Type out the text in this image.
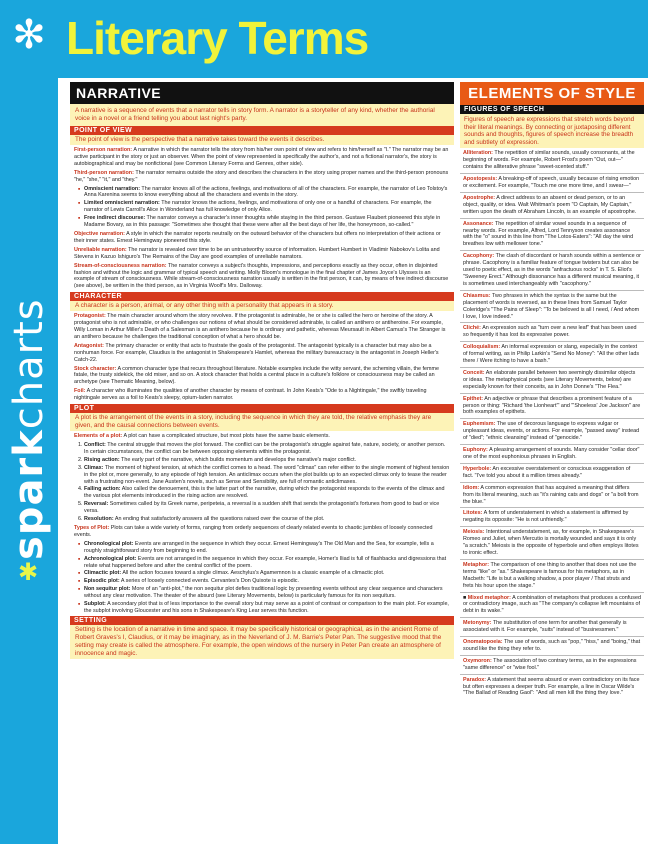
✻
sparkcharts
✱
Literary Terms
NARRATIVE
A narrative is a sequence of events that a narrator tells in story form. A narrator is a storyteller of any kind, whether the authorial voice in a novel or a friend telling you about last night's party.
POINT OF VIEW
The point of view is the perspective that a narrative takes toward the events it describes.

First-person narration: A narrative in which the narrator tells the story from his/her own point of view and refers to him/herself as "I." The narrator may be an active participant in the story or just an observer. When the point of view represented is specifically the author's, and not a fictional narrator's, the story is autobiographical and may be nonfictional (see Common Literary Forms and Genres, other side).

Third-person narration: The narrator remains outside the story and describes the characters in the story using proper names and the third-person pronouns "he," "she," "it," and "they."

■ Omniscient narration: The narrator knows all of the actions, feelings, and motivations of all of the characters. For example, the narrator of Leo Tolstoy's Anna Karenina seems to know everything about all the characters and events in the story.
■ Limited omniscient narration: The narrator knows the actions, feelings, and motivations of only one or a handful of characters. For example, the narrator of Lewis Carroll's Alice in Wonderland has full knowledge of only Alice.
■ Free indirect discourse: The narrator conveys a character's inner thoughts while staying in the third person. Gustave Flaubert pioneered this style in Madame Bovary, as in this passage: "Sometimes she thought that these were after all the best days of her life, the honeymoon, so-called."

Objective narration: A style in which the narrator reports neutrally on the outward behavior of the characters but offers no interpretation of their actions or their inner states. Ernest Hemingway pioneered this style.

Unreliable narration: The narrator is revealed over time to be an untrustworthy source of information. Humbert Humbert in Vladimir Nabokov's Lolita and Stevens in Kazuo Ishiguro's The Remains of the Day are good examples of unreliable narrators.

Stream-of-consciousness narration: The narrator conveys a subject's thoughts, impressions, and perceptions exactly as they occur, often in disjointed fashion and without the logic and grammar of typical speech and writing. Molly Bloom's monologue in the final chapter of James Joyce's Ulysses is an example of stream of consciousness. While stream-of-consciousness narration usually is written in the first person, it can, by means of free indirect discourse (see above), be written in the third person, as in Virginia Woolf's Mrs. Dalloway.

CHARACTER
A character is a person, animal, or any other thing with a personality that appears in a story.

Protagonist: The main character around whom the story revolves. If the protagonist is admirable, he or she is called the hero or heroine of the story. A protagonist who is not admirable, or who challenges our notions of what should be considered admirable, is called an antihero or antiheroine. For example, Willy Loman in Arthur Miller's Death of a Salesman is an antihero because he is ordinary and pathetic, whereas Meursault in Albert Camus's The Stranger is an antihero because he challenges the traditional conception of what a hero should be.

Antagonist: The primary character or entity that acts to frustrate the goals of the protagonist. The antagonist typically is a character but may also be a nonhuman force. For example, Claudius is the antagonist in Shakespeare's Hamlet, whereas the military bureaucracy is the antagonist in Joseph Heller's Catch-22.

Stock character: A common character type that recurs throughout literature. Notable examples include the witty servant, the scheming villain, the femme fatale, the trusty sidekick, the old miser, and so on. A stock character that holds a central place in a culture's folklore or consciousness may be called an archetype (see Thematic Meaning, below).

Foil: A character who illuminates the qualities of another character by means of contrast. In John Keats's "Ode to a Nightingale," the swiftly traveling nightingale serves as a foil to Keats's sleepy, opium-laden narrator.

PLOT
A plot is the arrangement of the events in a story, including the sequence in which they are told, the relative emphasis they are given, and the causal connections between events.

Elements of a plot: A plot can have a complicated structure, but most plots have the same basic elements.

1. Conflict: The central struggle that moves the plot forward. The conflict can be the protagonist's struggle against fate, nature, society, or another person. In certain circumstances, the conflict can be between opposing elements within the protagonist.
2. Rising action: The early part of the narrative, which builds momentum and develops the narrative's major conflict.
3. Climax: The moment of highest tension, at which the conflict comes to a head. The word "climax" can refer either to the single moment of highest tension in the plot or, more generally, to any episode of high tension. An anticlimax occurs when the plot builds up to an expected climax only to tease the reader with a frustrating non-event. Jane Austen's novels, such as Sense and Sensibility, are full of romantic anticlimaxes.
4. Falling action: Also called the denouement, this is the latter part of the narrative, during which the protagonist responds to the events of the climax and the various plot elements introduced in the rising action are resolved.
5. Reversal: Sometimes called by its Greek name, peripeteia, a reversal is a sudden shift that sends the protagonist's fortunes from good to bad or vice versa.
6. Resolution: An ending that satisfactorily answers all the questions raised over the course of the plot.

Types of Plot: Plots can take a wide variety of forms, ranging from orderly sequences of clearly related events to chaotic jumbles of loosely connected events.

■ Chronological plot: Events are arranged in the sequence in which they occur. Ernest Hemingway's The Old Man and the Sea, for example, tells a roughly straightforward story from beginning to end.
■ Achronological plot: Events are not arranged in the sequence in which they occur. For example, Homer's Iliad is full of flashbacks and digressions that relate what happened before and after the central conflict of the poem.
■ Climactic plot: All the action focuses toward a single climax. Aeschylus's Agamemnon is a classic example of a climactic plot.
■ Episodic plot: A series of loosely connected events. Cervantes's Don Quixote is episodic.
■ Non sequitur plot: More of an "anti-plot," the non sequitur plot defies traditional logic by presenting events without any clear sequence and characters without any clear motivation. The theater of the absurd (see Literary Movements, below) is particularly famous for its non sequiturs.
■ Subplot: A secondary plot that is of less importance to the overall story but may serve as a point of contrast or comparison to the main plot. For example, the subplot involving Gloucester and his sons in Shakespeare's King Lear serves this function.
SETTING
Setting is the location of a narrative in time and space. It may be specifically historical or geographical, as in the ancient Rome of Robert Graves's I, Claudius, or it may be imaginary, as in the Neverland of J. M. Barrie's Peter Pan. The suggestive mood that the setting may create is called the atmosphere. For example, the open windows of the nursery in Peter Pan create an atmosphere of innocence and magic.
ELEMENTS OF STYLE
FIGURES OF SPEECH
Figures of speech are expressions that stretch words beyond their literal meanings. By connecting or juxtaposing different sounds and thoughts, figures of speech increase the breadth and subtlety of expression.
Alliteration: The repetition of similar sounds, usually consonants, at the beginning of words. For example, Robert Frost's poem "Out, out—" contains the alliterative phrase "sweet-scented stuff."
Apostopesis: A breaking-off of speech, usually because of rising emotion or excitement. For example, "Touch me one more time, and I swear—"
Apostrophe: A direct address to an absent or dead person, or to an object, quality, or idea. Walt Whitman's poem "O Captain, My Captain," written upon the death of Abraham Lincoln, is an example of apostrophe.
Assonance: The repetition of similar vowel sounds in a sequence of nearby words. For example, Alfred, Lord Tennyson creates assonance with the "o" sound in this line from "The Lotos-Eaters": "All day the wind breathes low with mellower tone."
Cacophony: The clash of discordant or harsh sounds within a sentence or phrase. Cacophony is a familiar feature of tongue twisters but can also be used to poetic effect, as in the words "anfractuous rocks" in T. S. Eliot's "Sweeney Erect." Although dissonance has a different musical meaning, it is sometimes used interchangeably with "cacophony."
Chiasmus: Two phrases in which the syntax is the same but the placement of words is reversed, as in these lines from Samuel Taylor Coleridge's "The Pains of Sleep": "To be beloved is all I need, / And whom I love, I love indeed."
Cliché: An expression such as "turn over a new leaf" that has been used so frequently it has lost its expressive power.
Colloquialism: An informal expression or slang, especially in the context of formal writing, as in Philip Larkin's "Send No Money": "All the other lads there / Were itching to have a bash."
Conceit: An elaborate parallel between two seemingly dissimilar objects or ideas. The metaphysical poets (see Literary Movements, below) are especially known for their conceits, as in John Donne's "The Flea."
Epithet: An adjective or phrase that describes a prominent feature of a person or thing: "Richard 'the Lionheart'" and "'Shoeless' Joe Jackson" are both examples of epithets.
Euphemism: The use of decorous language to express vulgar or unpleasant ideas, events, or actions. For example, "passed away" instead of "died"; "ethnic cleansing" instead of "genocide."
Euphony: A pleasing arrangement of sounds. Many consider "cellar door" one of the most euphonious phrases in English.
Hyperbole: An excessive overstatement or conscious exaggeration of fact. "I've told you about it a million times already."
Idiom: A common expression that has acquired a meaning that differs from its literal meaning, such as "it's raining cats and dogs" or "a bolt from the blue."
Litotes: A form of understatement in which a statement is affirmed by negating its opposite: "He is not unfriendly."
Meiosis: Intentional understatement, as, for example, in Shakespeare's Romeo and Juliet, when Mercutio is mortally wounded and says it is only "a scratch." Meiosis is the opposite of hyperbole and often employs litotes to ironic effect.
Metaphor: The comparison of one thing to another that does not use the terms "like" or "as." Shakespeare is famous for his metaphors, as in Macbeth: "Life is but a walking shadow, a poor player / That struts and frets his hour upon the stage."
■ Mixed metaphor: A combination of metaphors that produces a confused or contradictory image, such as "The company's collapse left mountains of debt in its wake."
Metonymy: The substitution of one term for another that generally is associated with it. For example, "suits" instead of "businessmen."
Onomatopoeia: The use of words, such as "pop," "hiss," and "boing," that sound like the thing they refer to.
Oxymoron: The association of two contrary terms, as in the expressions "same difference" or "wise fool."
Paradox: A statement that seems absurd or even contradictory on its face but often expresses a deeper truth. For example, a line in Oscar Wilde's "The Ballad of Reading Gaol": "And all men kill the thing they love."
